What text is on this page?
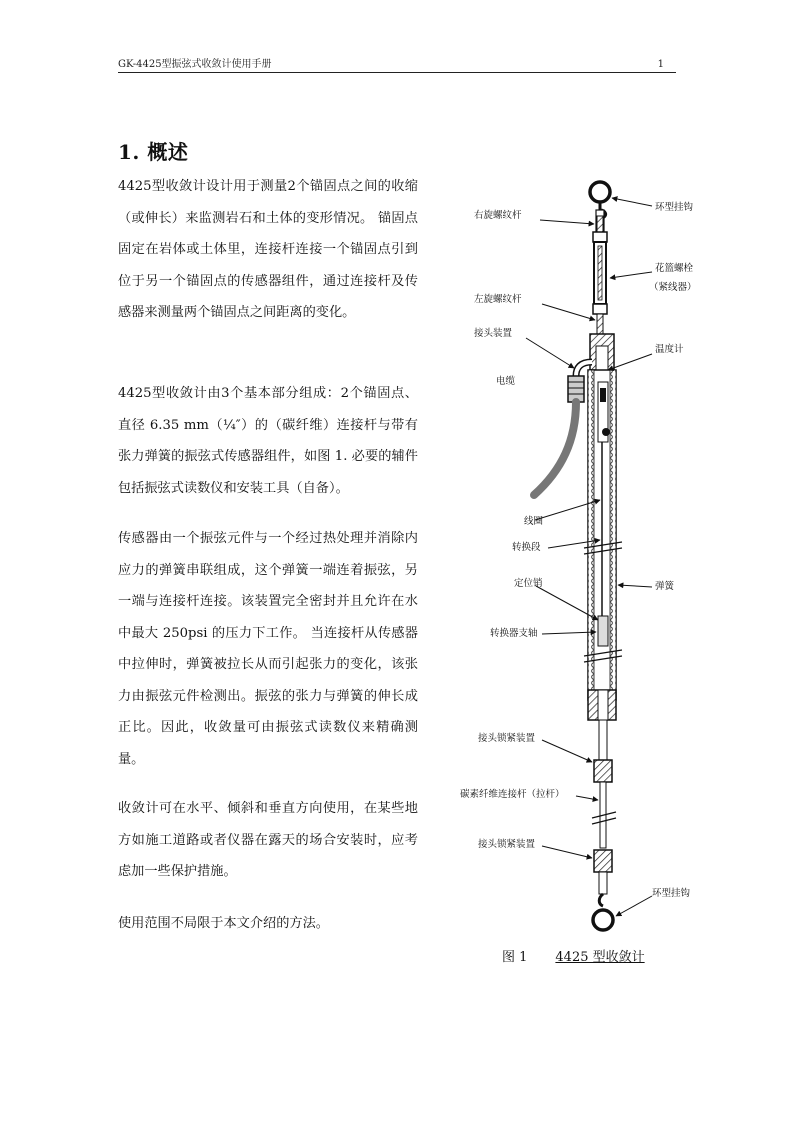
GK-4425型振弦式收敛计使用手册	1
1. 概述

4425型收敛计设计用于测量2个锚固点之间的收缩（或伸长）来监测岩石和土体的变形情况。 锚固点固定在岩体或土体里，连接杆连接一个锚固点引到位于另一个锚固点的传感器组件，通过连接杆及传感器来测量两个锚固点之间距离的变化。

4425型收敛计由3个基本部分组成：2个锚固点、直径 6.35 mm（¼″）的（碳纤维）连接杆与带有张力弹簧的振弦式传感器组件，如图 1. 必要的辅件包括振弦式读数仪和安装工具（自备）。

传感器由一个振弦元件与一个经过热处理并消除内应力的弹簧串联组成，这个弹簧一端连着振弦，另一端与连接杆连接。该装置完全密封并且允许在水中最大 250psi 的压力下工作。 当连接杆从传感器中拉伸时，弹簧被拉长从而引起张力的变化，该张力由振弦元件检测出。振弦的张力与弹簧的伸长成正比。因此，收敛量可由振弦式读数仪来精确测量。

收敛计可在水平、倾斜和垂直方向使用，在某些地方如施工道路或者仪器在露天的场合安装时，应考虑加一些保护措施。

使用范围不局限于本文介绍的方法。

环型挂钩
右旋螺纹杆
花篮螺栓
（紧线器）
左旋螺纹杆
接头装置
温度计
电缆
线圈
转换段
定位销	弹簧
转换器支轴
接头锁紧装置
碳素纤维连接杆（拉杆）
接头锁紧装置
环型挂钩
图 1 4425 型收敛计
